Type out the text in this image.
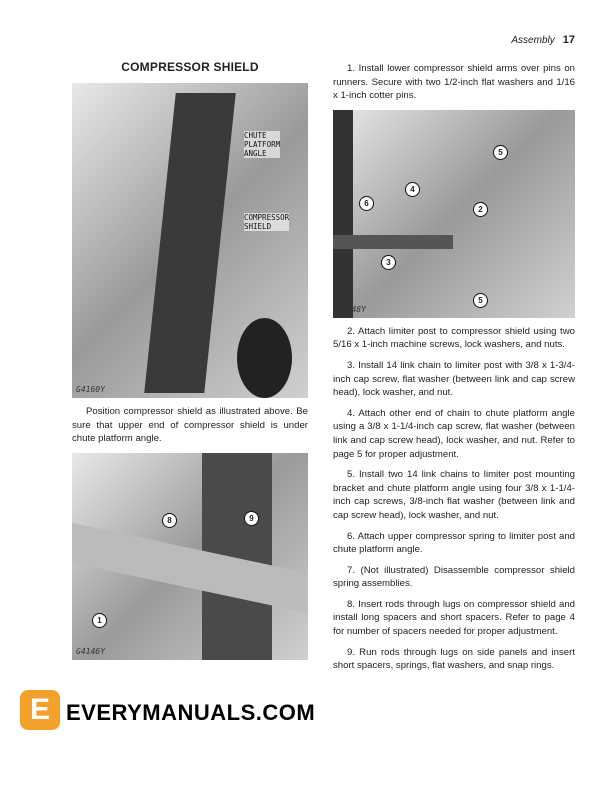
Assembly 17
COMPRESSOR SHIELD
CHUTE
PLATFORM
ANGLE
COMPRESSOR
SHIELD
G4160Y
Position compressor shield as illustrated above. Be sure that upper end of compressor shield is under chute platform angle.
8	9
1
G4146Y
1. Install lower compressor shield arms over pins on runners. Secure with two 1/2-inch flat washers and 1/16 x 1-inch cotter pins.
5
6
4
2
3
5
G4148Y
2. Attach limiter post to compressor shield using two 5/16 x 1-inch machine screws, lock washers, and nuts.
3. Install 14 link chain to limiter post with 3/8 x 1-3/4-inch cap screw, flat washer (between link and cap screw head), lock washer, and nut.
4. Attach other end of chain to chute platform angle using a 3/8 x 1-1/4-inch cap screw, flat washer (between link and cap screw head), lock washer, and nut. Refer to page 5 for proper adjustment.
5. Install two 14 link chains to limiter post mounting bracket and chute platform angle using four 3/8 x 1-1/4-inch cap screws, 3/8-inch flat washer (between link and cap screw head), lock washer, and nut.
6. Attach upper compressor spring to limiter post and chute platform angle.
7. (Not illustrated) Disassemble compressor shield spring assemblies.
8. Insert rods through lugs on compressor shield and install long spacers and short spacers. Refer to page 4 for number of spacers needed for proper adjustment.
9. Run rods through lugs on side panels and insert short spacers, springs, flat washers, and snap rings.
E EVERYMANUALS.COM
